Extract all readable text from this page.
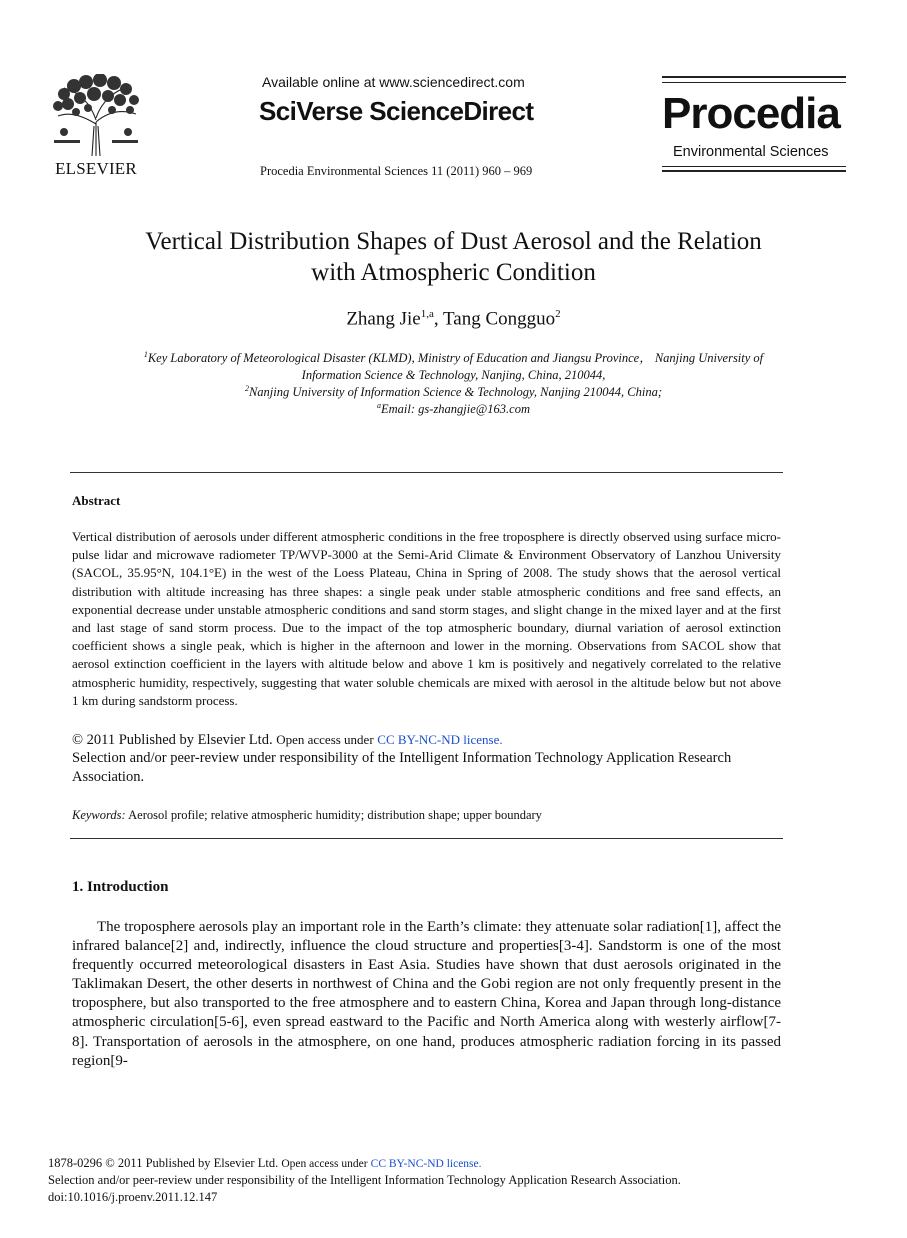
ELSEVIER
Available online at www.sciencedirect.com
SciVerse ScienceDirect
Procedia Environmental Sciences 11 (2011) 960 – 969
Procedia
Environmental Sciences
Vertical Distribution Shapes of Dust Aerosol and the Relation
with Atmospheric Condition
Zhang Jie$^{1,a}$, Tang Congguo$^2$
$^1$Key Laboratory of Meteorological Disaster (KLMD), Ministry of Education and Jiangsu Province， Nanjing University of
Information Science & Technology, Nanjing, China, 210044,
$^2$Nanjing University of Information Science & Technology, Nanjing 210044, China;
$^a$Email: gs-zhangjie@163.com
Abstract
Vertical distribution of aerosols under different atmospheric conditions in the free troposphere is directly observed using surface micro-pulse lidar and microwave radiometer TP/WVP-3000 at the Semi-Arid Climate & Environment Observatory of Lanzhou University (SACOL, 35.95°N, 104.1°E) in the west of the Loess Plateau, China in Spring of 2008. The study shows that the aerosol vertical distribution with altitude increasing has three shapes: a single peak under stable atmospheric conditions and free sand effects, an exponential decrease under unstable atmospheric conditions and sand storm stages, and slight change in the mixed layer and at the first and last stage of sand storm process. Due to the impact of the top atmospheric boundary, diurnal variation of aerosol extinction coefficient shows a single peak, which is higher in the afternoon and lower in the morning. Observations from SACOL show that aerosol extinction coefficient in the layers with altitude below and above 1 km is positively and negatively correlated to the relative atmospheric humidity, respectively, suggesting that water soluble chemicals are mixed with aerosol in the altitude below but not above 1 km during sandstorm process.
© 2011 Published by Elsevier Ltd. Open access under CC BY-NC-ND license.
Selection and/or peer-review under responsibility of the Intelligent Information Technology Application Research Association.
Keywords: Aerosol profile; relative atmospheric humidity; distribution shape; upper boundary
1. Introduction
The troposphere aerosols play an important role in the Earth’s climate: they attenuate solar radiation[1], affect the infrared balance[2] and, indirectly, influence the cloud structure and properties[3-4]. Sandstorm is one of the most frequently occurred meteorological disasters in East Asia. Studies have shown that dust aerosols originated in the Taklimakan Desert, the other deserts in northwest of China and the Gobi region are not only frequently present in the troposphere, but also transported to the free atmosphere and to eastern China, Korea and Japan through long-distance atmospheric circulation[5-6], even spread eastward to the Pacific and North America along with westerly airflow[7-8]. Transportation of aerosols in the atmosphere, on one hand, produces atmospheric radiation forcing in its passed region[9-
1878-0296 © 2011 Published by Elsevier Ltd. Open access under CC BY-NC-ND license.
Selection and/or peer-review under responsibility of the Intelligent Information Technology Application Research Association.
doi:10.1016/j.proenv.2011.12.147
